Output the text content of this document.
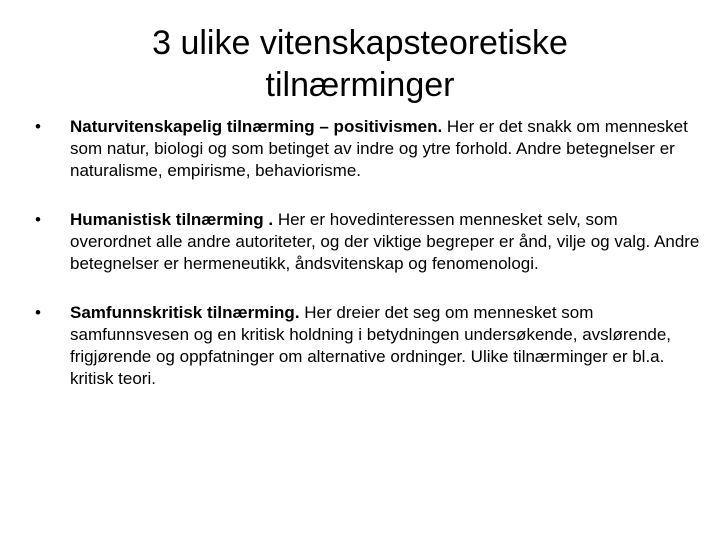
3 ulike vitenskapsteoretiske
tilnærminger
• Naturvitenskapelig tilnærming – positivismen. Her er det snakk om mennesket som natur, biologi og som betinget av indre og ytre forhold. Andre betegnelser er naturalisme, empirisme, behaviorisme.
• Humanistisk tilnærming . Her er hovedinteressen mennesket selv, som overordnet alle andre autoriteter, og der viktige begreper er ånd, vilje og valg. Andre betegnelser er hermeneutikk, åndsvitenskap og fenomenologi.
• Samfunnskritisk tilnærming. Her dreier det seg om mennesket som samfunnsvesen og en kritisk holdning i betydningen undersøkende, avslørende, frigjørende og oppfatninger om alternative ordninger. Ulike tilnærminger er bl.a. kritisk teori.
